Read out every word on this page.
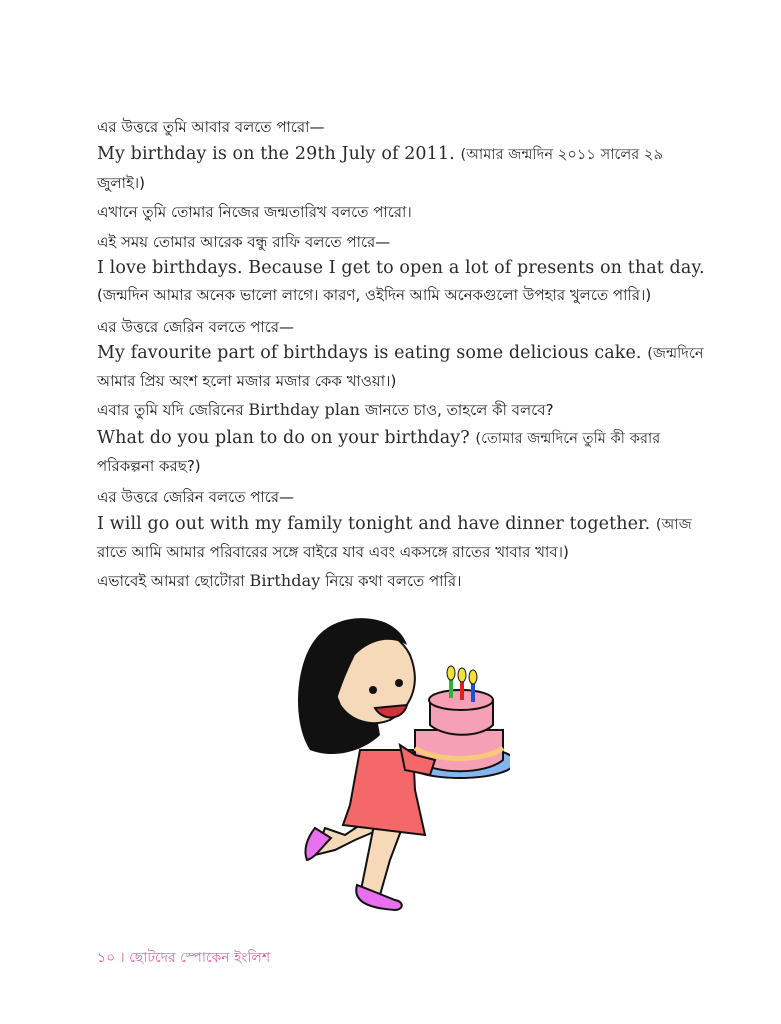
এর উত্তরে তুমি আবার বলতে পারো—
My birthday is on the 29th July of 2011. (আমার জন্মদিন ২০১১ সালের ২৯
জুলাই।)
এখানে তুমি তোমার নিজের জন্মতারিখ বলতে পারো।
এই সময় তোমার আরেক বন্ধু রাফি বলতে পারে—
I love birthdays. Because I get to open a lot of presents on that day.
(জন্মদিন আমার অনেক ভালো লাগে। কারণ, ওইদিন আমি অনেকগুলো উপহার খুলতে পারি।)
এর উত্তরে জেরিন বলতে পারে—
My favourite part of birthdays is eating some delicious cake. (জন্মদিনে
আমার প্রিয় অংশ হলো মজার মজার কেক খাওয়া।)
এবার তুমি যদি জেরিনের Birthday plan জানতে চাও, তাহলে কী বলবে?
What do you plan to do on your birthday? (তোমার জন্মদিনে তুমি কী করার
পরিকল্পনা করছ?)
এর উত্তরে জেরিন বলতে পারে—
I will go out with my family tonight and have dinner together. (আজ
রাতে আমি আমার পরিবারের সঙ্গে বাইরে যাব এবং একসঙ্গে রাতের খাবার খাব।)
এভাবেই আমরা ছোটোরা Birthday নিয়ে কথা বলতে পারি।
১০ । ছোটদের স্পোকেন ইংলিশ
